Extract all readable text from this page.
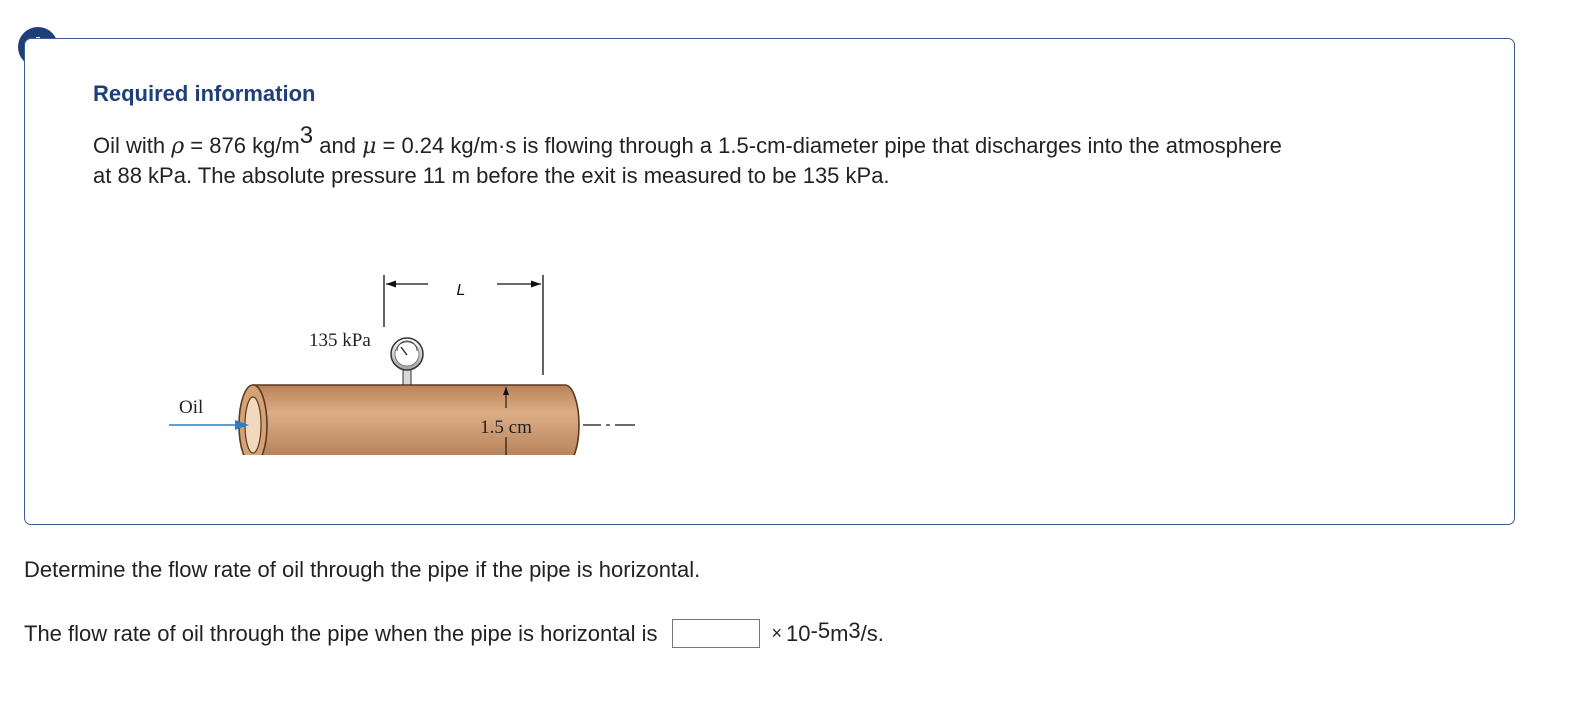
Required information
Oil with ρ = 876 $kg/m^3$ and μ = 0.24 kg/m·s is flowing through a 1.5-cm-diameter pipe that discharges into the atmosphere
at 88 kPa. The absolute pressure 11 m before the exit is measured to be 135 kPa.
L
135 kPa
1.5 cm
Oil
Determine the flow rate of oil through the pipe if the pipe is horizontal.
The flow rate of oil through the pipe when the pipe is horizontal is	× $10^{-5}$ $m^3$ /s.
